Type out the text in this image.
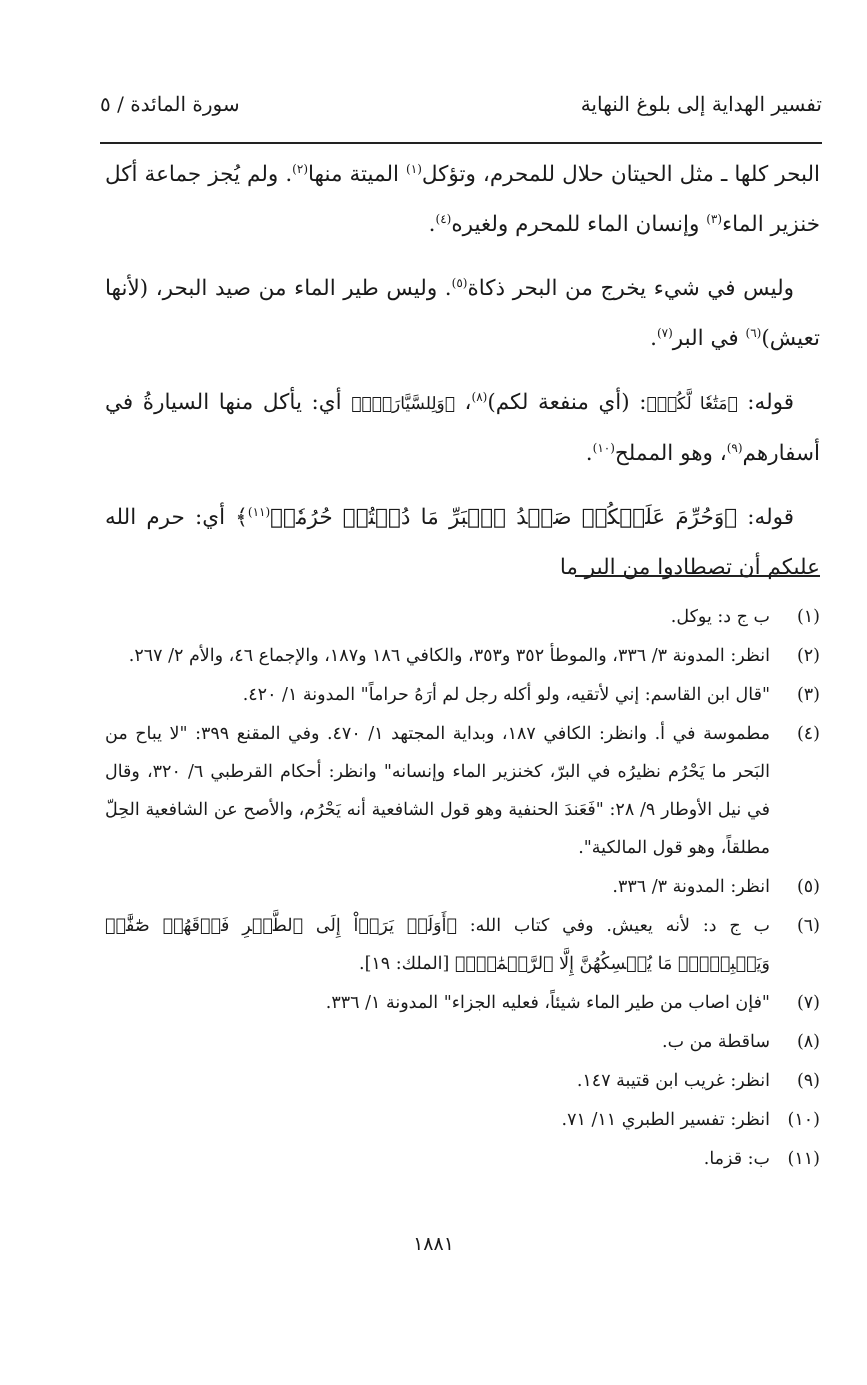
تفسير الهداية إلى بلوغ النهاية
سورة المائدة / ٥

البحر كلها ـ مثل الحيتان حلال للمحرم، وتؤكل$^{(١)}$ الميتة منها$^{(٢)}$. ولم يُجز جماعة أكل خنزير الماء$^{(٣)}$ وإنسان الماء للمحرم ولغيره$^{(٤)}$.

وليس في شيء يخرج من البحر ذكاة$^{(٥)}$. وليس طير الماء من صيد البحر، (لأنها تعيش)$^{(٦)}$ في البر$^{(٧)}$.

قوله: ﴿مَتَٰعٗا لَّكُمۡ﴾: (أي منفعة لكم)$^{(٨)}$، ﴿وَلِلسَّيَّارَةِۖ﴾ أي: يأكل منها السيارةُ في أسفارهم$^{(٩)}$، وهو المملح$^{(١٠)}$.

قوله: ﴿وَحُرِّمَ عَلَيۡكُمۡ صَيۡدُ ٱلۡبَرِّ مَا دُمۡتُمۡ حُرُمٗاۗ$^{(١١)}$﴾ أي: حرم الله عليكم أن تصطادوا من البر ما

(١)
ب ج د: يوكل.
(٢)
انظر: المدونة ٣/ ٣٣٦، والموطأ ٣٥٢ و٣٥٣، والكافي ١٨٦ و١٨٧، والإجماع ٤٦، والأم ٢/ ٢٦٧.
(٣)
"قال ابن القاسم: إني لأتقيه، ولو أكله رجل لم أرَهُ حراماً" المدونة ١/ ٤٢٠.
(٤)
مطموسة في أ. وانظر: الكافي ١٨٧، وبداية المجتهد ١/ ٤٧٠. وفي المقنع ٣٩٩: "لا يباح من البَحر ما يَحْرُم نظيرُه في البرّ، كخنزير الماء وإنسانه" وانظر: أحكام القرطبي ٦/ ٣٢٠، وقال في نيل الأوطار ٩/ ٢٨: "فَعَندَ الحنفية وهو قول الشافعية أنه يَحْرُم، والأصح عن الشافعية الحِلّ مطلقاً، وهو قول المالكية".
(٥)
انظر: المدونة ٣/ ٣٣٦.
(٦)
ب ج د: لأنه يعيش. وفي كتاب الله: ﴿أَوَلَمۡ يَرَوۡاْ إِلَى ٱلطَّيۡرِ فَوۡقَهُمۡ صَٰٓفَّٰتٖ وَيَقۡبِضۡنَۚ مَا يُمۡسِكُهُنَّ إِلَّا ٱلرَّحۡمَٰنُۚ﴾ [الملك: ١٩].
(٧)
"فإن اصاب من طير الماء شيئاً، فعليه الجزاء" المدونة ١/ ٣٣٦.
(٨)
ساقطة من ب.
(٩)
انظر: غريب ابن قتيبة ١٤٧.
(١٠)
انظر: تفسير الطبري ١١/ ٧١.
(١١)
ب: قزما.
١٨٨١
